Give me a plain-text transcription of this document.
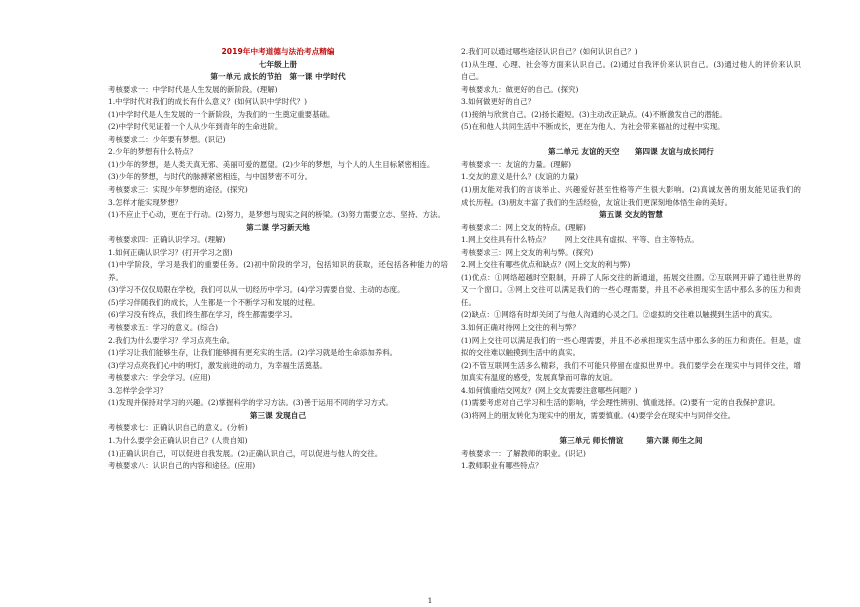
2019年中考道德与法治考点精编
七年级上册
第一单元 成长的节拍　第一课 中学时代
考核要求一：中学时代是人生发展的新阶段。(理解)
1.中学时代对我们的成长有什么意义？(如何认识中学时代？)
(1)中学时代是人生发展的一个新阶段，为我们的一生奠定重要基础。
(2)中学时代见证着一个人从少年到青年的生命进阶。
考核要求二：少年要有梦想。(识记)
2.少年的梦想有什么特点？
(1)少年的梦想，是人类天真无邪、美丽可爱的愿望。(2)少年的梦想，与个人的人生目标紧密相连。
(3)少年的梦想，与时代的脉搏紧密相连，与中国梦密不可分。
考核要求三：实现少年梦想的途径。(探究)
3.怎样才能实现梦想？
(1)不应止于心动，更在于行动。(2)努力，是梦想与现实之间的桥梁。(3)努力需要立志、坚持、方法。
第二课 学习新天地
考核要求四：正确认识学习。(理解)
1.如何正确认识学习？(打开学习之窗)
(1)中学阶段，学习是我们的重要任务。(2)初中阶段的学习，包括知识的获取，还包括各种能力的培
养。
(3)学习不仅仅局限在学校，我们可以从一切经历中学习。(4)学习需要自觉、主动的态度。
(5)学习伴随我们的成长，人生都是一个不断学习和发展的过程。
(6)学习没有终点，我们终生都在学习，终生都需要学习。
考核要求五：学习的意义。(综合)
2.我们为什么要学习？学习点亮生命。
(1)学习让我们能够生存，让我们能够拥有更充实的生活。(2)学习就是给生命添加养料。
(3)学习点亮我们心中的明灯，激发前进的动力，为幸福生活奠基。
考核要求六：学会学习。(应用)
3.怎样学会学习？
(1)发现并保持对学习的兴趣。(2)掌握科学的学习方法。(3)善于运用不同的学习方式。
第三课 发现自己
考核要求七：正确认识自己的意义。(分析)
1.为什么要学会正确认识自己？(人贵自知)
(1)正确认识自己，可以促进自我发展。(2)正确认识自己，可以促进与他人的交往。
考核要求八：认识自己的内容和途径。(应用)
2.我们可以通过哪些途径认识自己？(如何认识自己？)
(1)从生理、心理、社会等方面来认识自己。(2)通过自我评价来认识自己。(3)通过他人的评价来认识
自己。
考核要求九：做更好的自己。(探究)
3.如何做更好的自己？
(1)接纳与欣赏自己。(2)扬长避短。(3)主动改正缺点。(4)不断激发自己的潜能。
(5)在和他人共同生活中不断成长，更在为他人、为社会带来福祉的过程中实现。
第二单元 友谊的天空　　第四课 友谊与成长同行
考核要求一：友谊的力量。(理解)
1.交友的意义是什么？(友谊的力量)
(1)朋友能对我们的言谈举止、兴趣爱好甚至性格等产生很大影响。(2)真诚友善的朋友能见证我们的
成长历程。(3)朋友丰富了我们的生活经验，友谊让我们更深刻地体悟生命的美好。
第五课 交友的智慧
考核要求二：网上交友的特点。(理解)
1.网上交往具有什么特点？　　网上交往具有虚拟、平等、自主等特点。
考核要求三：网上交友的利与弊。(探究)
2.网上交往有哪些优点和缺点？(网上交友的利与弊)
(1)优点：①网络超越时空限制，开辟了人际交往的新通道，拓展交往圈。②互联网开辟了通往世界的
又一个窗口。③网上交往可以满足我们的一些心理需要，并且不必承担现实生活中那么多的压力和责
任。
(2)缺点：①网络有时却关闭了与他人沟通的心灵之门。②虚拟的交往难以触摸到生活中的真实。
3.如何正确对待网上交往的利与弊？
(1)网上交往可以满足我们的一些心理需要，并且不必承担现实生活中那么多的压力和责任。但是，虚
拟的交往难以触摸到生活中的真实。
(2)不管互联网生活多么精彩，我们不可能只停留在虚拟世界中。我们要学会在现实中与同伴交往，增
加真实有温度的感受，发展真挚而可靠的友谊。
4.如何慎重结交网友？(网上交友需要注意哪些问题？)
(1)需要考虑对自己学习和生活的影响，学会理性辨别、慎重选择。(2)要有一定的自我保护意识。
(3)将网上的朋友转化为现实中的朋友，需要慎重。(4)要学会在现实中与同伴交往。
第三单元 师长情谊　　　第六课 师生之间
考核要求一：了解教师的职业。(识记)
1.教师职业有哪些特点？
1
